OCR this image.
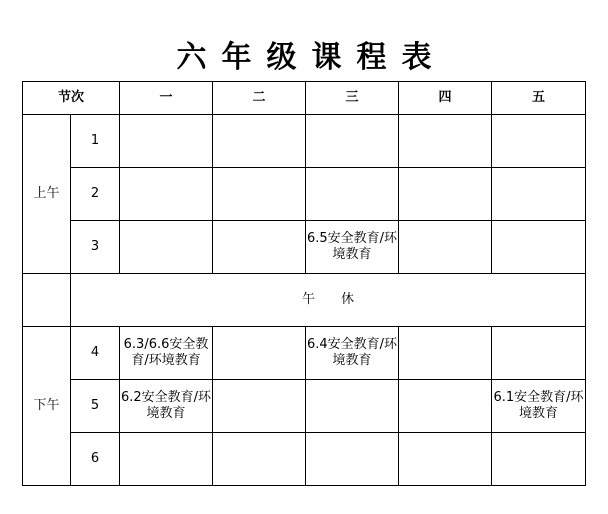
六年级课程表
节次		一	二	三	四	五
上午	1					
	2					
	3			6.5安全教育/环境教育		
	午休					
下午	4	6.3/6.6安全教育/环境教育		6.4安全教育/环境教育		
	5	6.2安全教育/环境教育				6.1安全教育/环境教育
	6					
